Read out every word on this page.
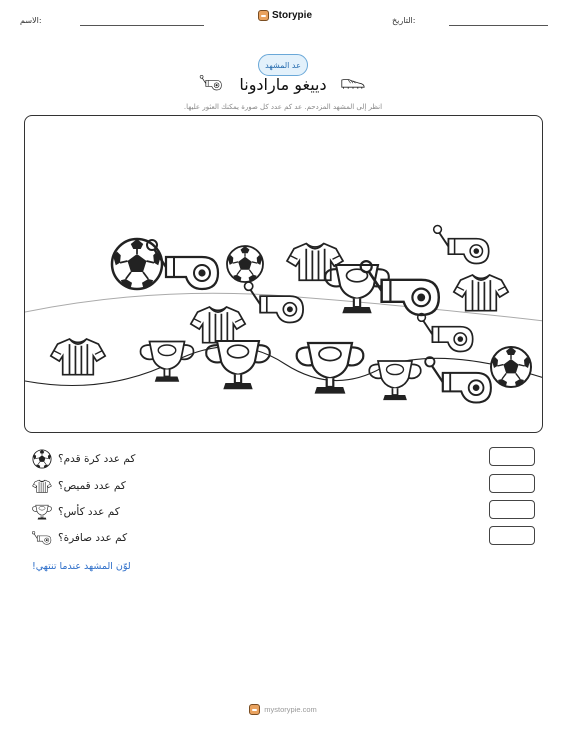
الاسم:	Storypie	التاريخ:
عد المشهد
دييغو مارادونا
انظر إلى المشهد المزدحم. عد كم عدد كل صورة يمكنك العثور عليها.
كم عدد كرة قدم؟
كم عدد قميص؟
كم عدد كأس؟
كم عدد صافرة؟
لوّن المشهد عندما تنتهي!
mystorypie.com
